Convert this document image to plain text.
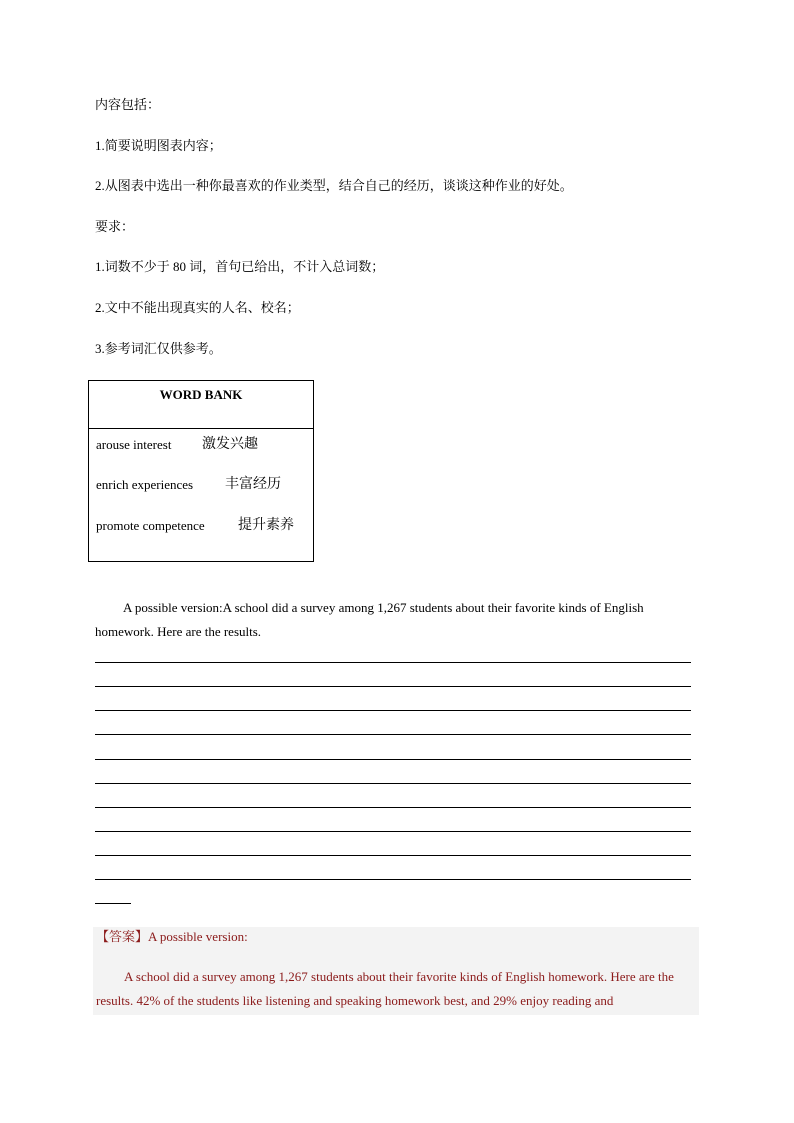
内容包括：
1.简要说明图表内容；
2.从图表中选出一种你最喜欢的作业类型，结合自己的经历，谈谈这种作业的好处。
要求：
1.词数不少于 80 词，首句已给出，不计入总词数；
2.文中不能出现真实的人名、校名；
3.参考词汇仅供参考。
WORD BANK
arouse interest 激发兴趣
enrich experiences 丰富经历
promote competence 提升素养
A possible version:A school did a survey among 1,267 students about their favorite kinds of English homework. Here are the results.
【答案】A possible version:
A school did a survey among 1,267 students about their favorite kinds of English homework. Here are the results. 42% of the students like listening and speaking homework best, and 29% enjoy reading and
